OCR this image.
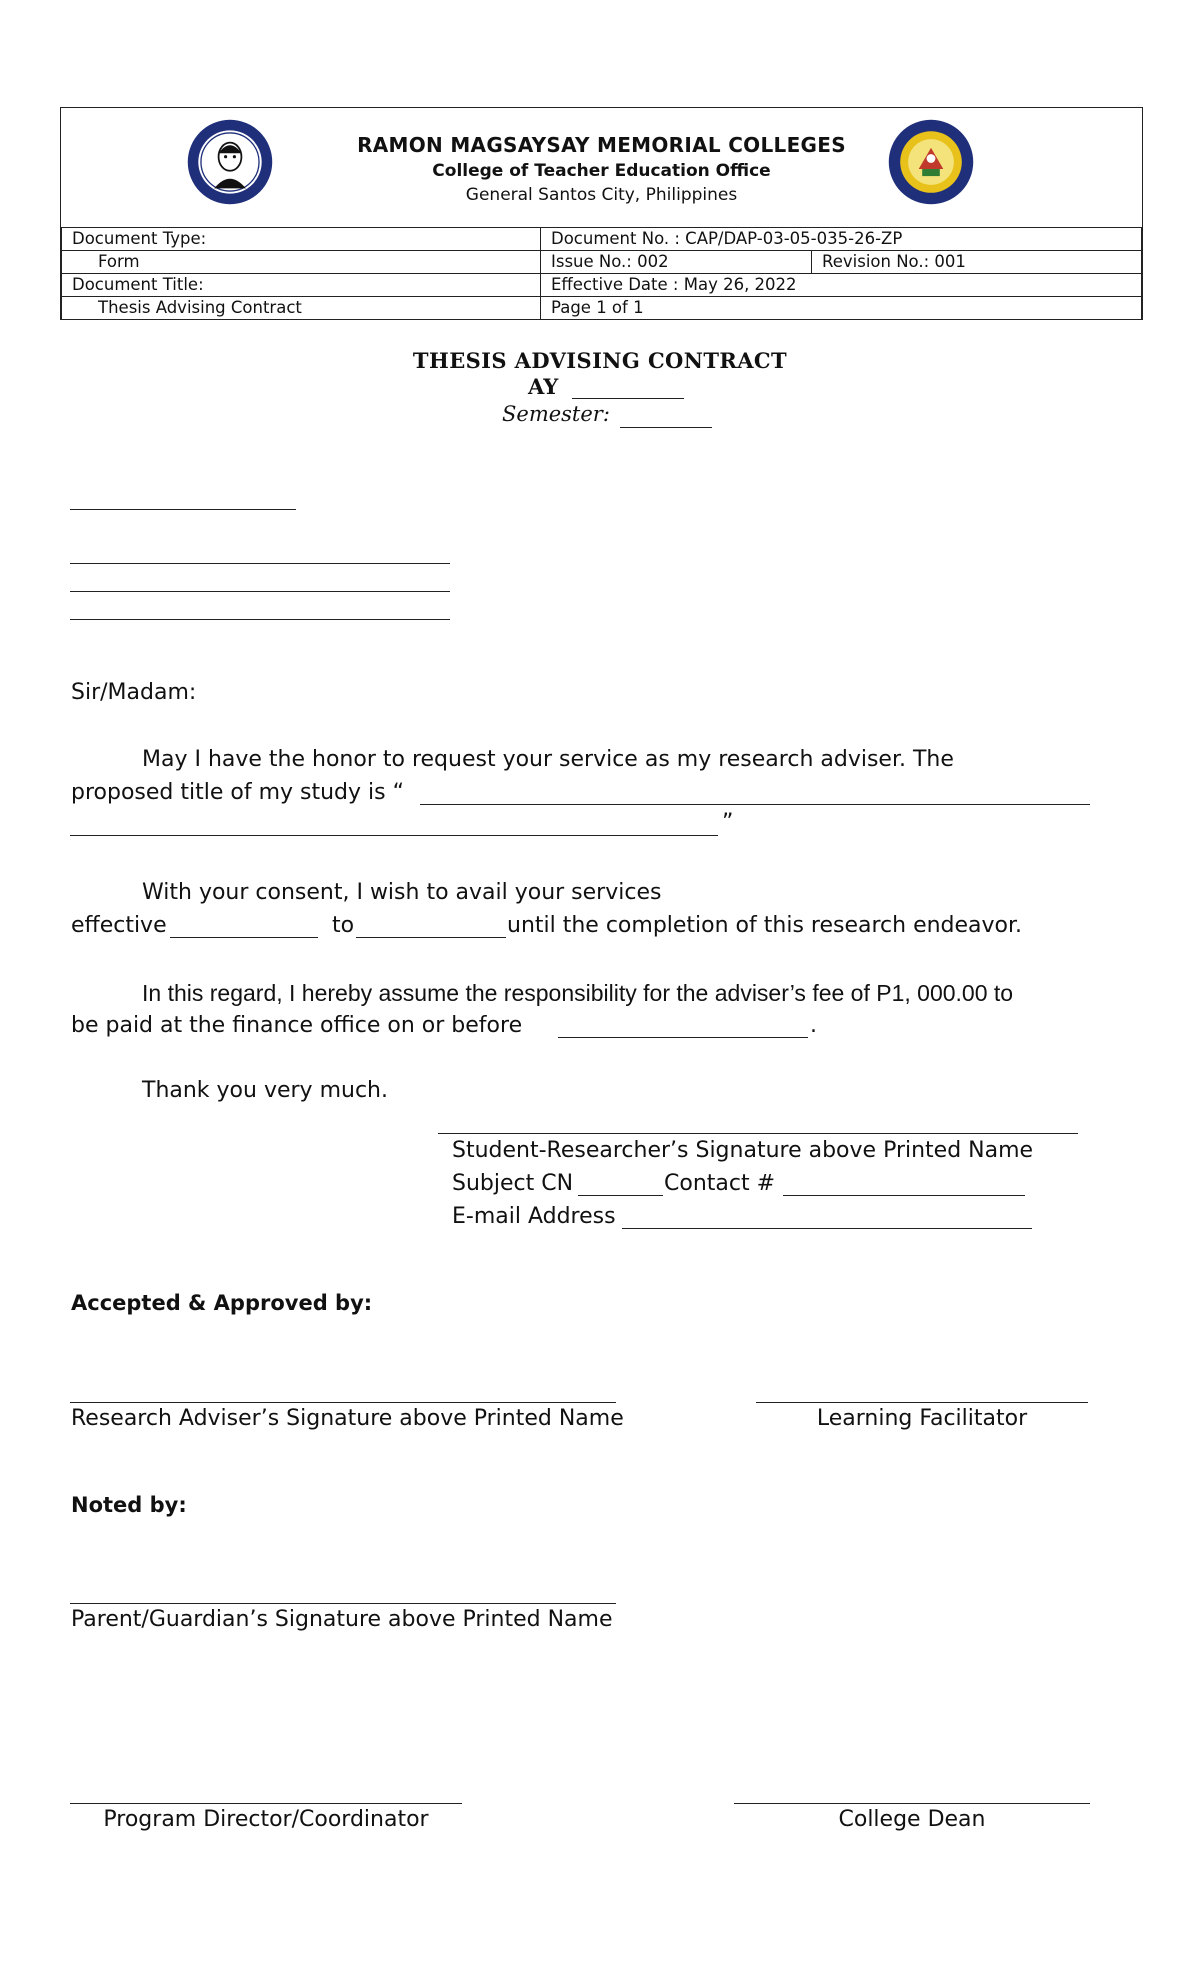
RAMON MAGSAYSAY MEMORIAL COLLEGES
College of Teacher Education Office
General Santos City, Philippines
Document Type:	Document No. : CAP/DAP-03-05-035-26-ZP	
Form	Issue No.: 002	Revision No.: 001
Document Title:	Effective Date : May 26, 2022	
Thesis Advising Contract	Page 1 of 1	
THESIS ADVISING CONTRACT
AY
Semester:
Sir/Madam:
May I have the honor to request your service as my research adviser. The
proposed title of my study is “
”
With your consent, I wish to avail your services
effective	to	until the completion of this research endeavor.
In this regard, I hereby assume the responsibility for the adviser’s fee of P1, 000.00 to
be paid at the finance office on or before	.
Thank you very much.
Student-Researcher’s Signature above Printed Name
Subject CN	Contact #
E-mail Address
Accepted & Approved by:
Research Adviser’s Signature above Printed Name	Learning Facilitator
Noted by:
Parent/Guardian’s Signature above Printed Name
Program Director/Coordinator	College Dean
